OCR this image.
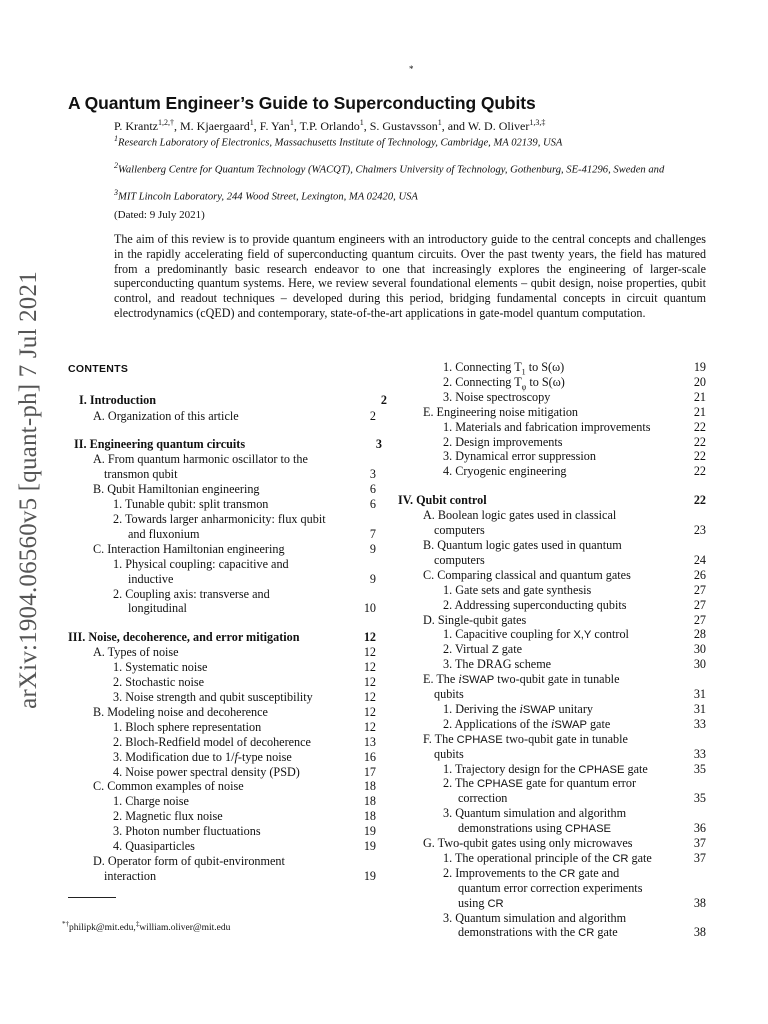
*
arXiv:1904.06560v5 [quant-ph] 7 Jul 2021
A Quantum Engineer’s Guide to Superconducting Qubits
P. Krantz$^{1,2,\dagger}$, M. Kjaergaard$^1$, F. Yan$^1$, T.P. Orlando$^1$, S. Gustavsson$^1$, and W. D. Oliver$^{1,3,\ddagger}$
$^1$Research Laboratory of Electronics, Massachusetts Institute of Technology, Cambridge, MA 02139, USA
$^2$Wallenberg Centre for Quantum Technology (WACQT), Chalmers University of Technology, Gothenburg, SE-41296, Sweden and
$^3$MIT Lincoln Laboratory, 244 Wood Street, Lexington, MA 02420, USA
(Dated: 9 July 2021)
The aim of this review is to provide quantum engineers with an introductory guide to the central concepts and challenges in the rapidly accelerating field of superconducting quantum circuits. Over the past twenty years, the field has matured from a predominantly basic research endeavor to one that increasingly explores the engineering of larger-scale superconducting quantum systems. Here, we review several foundational elements – qubit design, noise properties, qubit control, and readout techniques – developed during this period, bridging fundamental concepts in circuit quantum electrodynamics (cQED) and contemporary, state-of-the-art applications in gate-model quantum computation.
CONTENTS
I. Introduction	2
A. Organization of this article	2
II. Engineering quantum circuits	3
A. From quantum harmonic oscillator to the
transmon qubit	3
B. Qubit Hamiltonian engineering	6
1. Tunable qubit: split transmon	6
2. Towards larger anharmonicity: flux qubit
and fluxonium	7
C. Interaction Hamiltonian engineering	9
1. Physical coupling: capacitive and
inductive	9
2. Coupling axis: transverse and
longitudinal	10
III. Noise, decoherence, and error mitigation	12
A. Types of noise	12
1. Systematic noise	12
2. Stochastic noise	12
3. Noise strength and qubit susceptibility	12
B. Modeling noise and decoherence	12
1. Bloch sphere representation	12
2. Bloch-Redfield model of decoherence	13
3. Modification due to 1/f-type noise	16
4. Noise power spectral density (PSD)	17
C. Common examples of noise	18
1. Charge noise	18
2. Magnetic flux noise	18
3. Photon number fluctuations	19
4. Quasiparticles	19
D. Operator form of qubit-environment
interaction	19
1. Connecting $T_1$ to S(ω)	19
2. Connecting $T_\varphi$ to S(ω)	20
3. Noise spectroscopy	21
E. Engineering noise mitigation	21
1. Materials and fabrication improvements	22
2. Design improvements	22
3. Dynamical error suppression	22
4. Cryogenic engineering	22
IV. Qubit control	22
A. Boolean logic gates used in classical
computers	23
B. Quantum logic gates used in quantum
computers	24
C. Comparing classical and quantum gates	26
1. Gate sets and gate synthesis	27
2. Addressing superconducting qubits	27
D. Single-qubit gates	27
1. Capacitive coupling for X,Y control	28
2. Virtual Z gate	30
3. The DRAG scheme	30
E. The iSWAP two-qubit gate in tunable
qubits	31
1. Deriving the iSWAP unitary	31
2. Applications of the iSWAP gate	33
F. The CPHASE two-qubit gate in tunable
qubits	33
1. Trajectory design for the CPHASE gate	35
2. The CPHASE gate for quantum error
correction	35
3. Quantum simulation and algorithm
demonstrations using CPHASE	36
G. Two-qubit gates using only microwaves	37
1. The operational principle of the CR gate	37
2. Improvements to the CR gate and
quantum error correction experiments
using CR	38
3. Quantum simulation and algorithm
demonstrations with the CR gate	38
*†philipk@mit.edu,‡william.oliver@mit.edu
